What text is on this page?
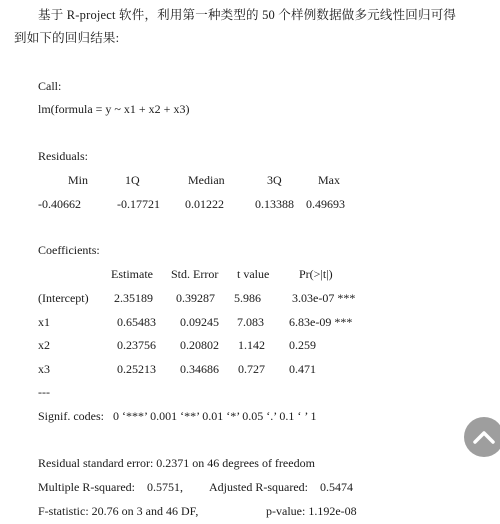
基于 R-project 软件，利用第一种类型的 50 个样例数据做多元线性回归可得
到如下的回归结果:
Call:
lm(formula = y ~ x1 + x2 + x3)
Residuals:
Min	1Q	Median	3Q	Max
-0.40662	-0.17721 0.01222	0.13388 0.49693
Coefficients:
Estimate Std. Error t value Pr(>|t|)
(Intercept) 2.35189 0.39287 5.986	3.03e-07 ***
x1	0.65483 0.09245 7.083 6.83e-09 ***
x2	0.23756 0.20802 1.142 0.259
x3	0.25213 0.34686 0.727 0.471
---
Signif. codes:   0 ‘***’ 0.001 ‘**’ 0.01 ‘*’ 0.05 ‘.’ 0.1 ‘ ’ 1
Residual standard error: 0.2371 on 46 degrees of freedom
Multiple R-squared:    0.5751, Adjusted R-squared:    0.5474
F-statistic: 20.76 on 3 and 46 DF,	p-value: 1.192e-08
